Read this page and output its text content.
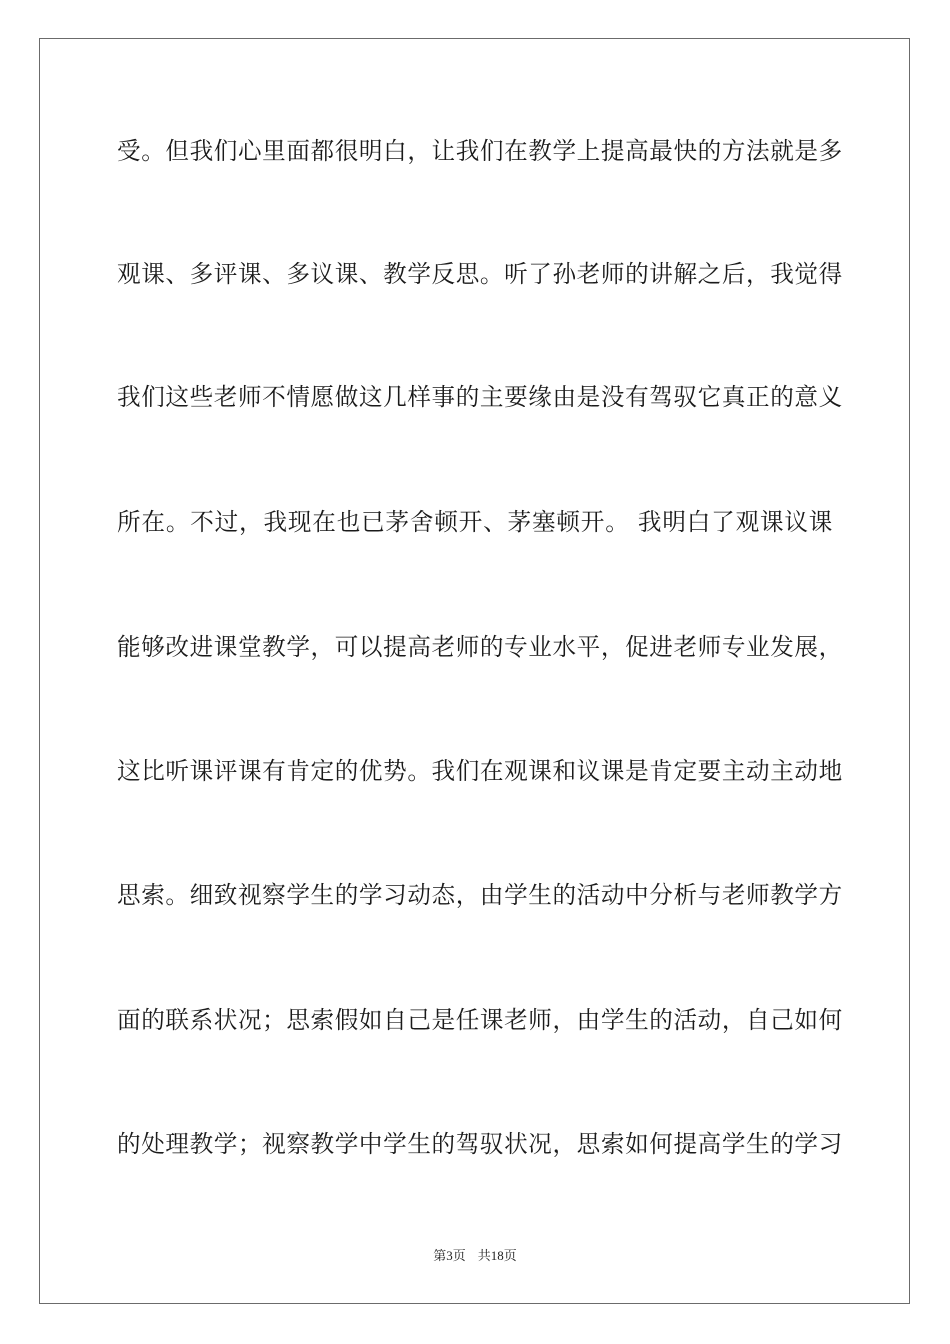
受。但我们心里面都很明白，让我们在教学上提高最快的方法就是多
观课、多评课、多议课、教学反思。听了孙老师的讲解之后，我觉得
我们这些老师不情愿做这几样事的主要缘由是没有驾驭它真正的意义
所在。不过，我现在也已茅舍顿开、茅塞顿开。 我明白了观课议课
能够改进课堂教学，可以提高老师的专业水平，促进老师专业发展，
这比听课评课有肯定的优势。我们在观课和议课是肯定要主动主动地
思索。细致视察学生的学习动态，由学生的活动中分析与老师教学方
面的联系状况；思索假如自己是任课老师，由学生的活动，自己如何
的处理教学；视察教学中学生的驾驭状况，思索如何提高学生的学习
第3页 共18页
